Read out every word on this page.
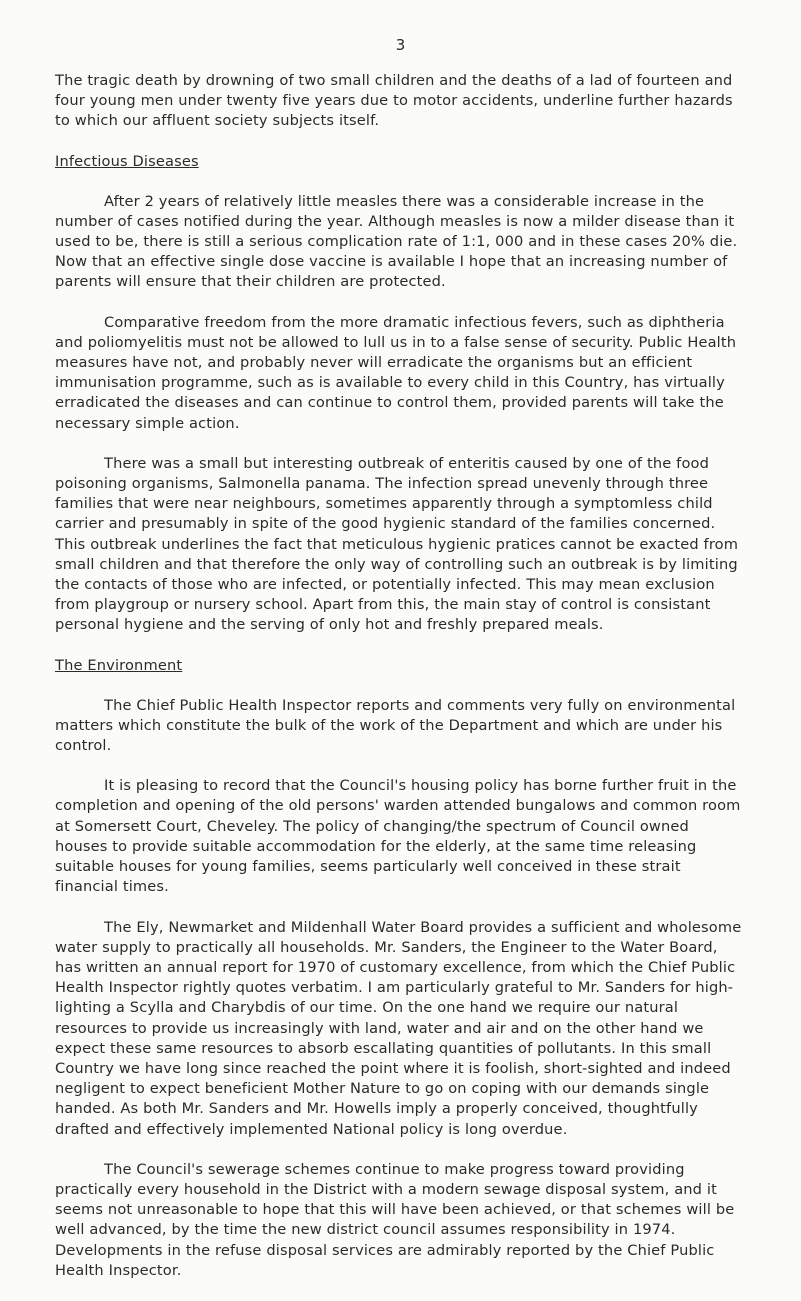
3

The tragic death by drowning of two small children and the deaths of a lad of fourteen and four young men under twenty five years due to motor accidents, underline further hazards to which our affluent society subjects itself.

Infectious Diseases

After 2 years of relatively little measles there was a considerable increase in the number of cases notified during the year. Although measles is now a milder disease than it used to be, there is still a serious complication rate of 1:1, 000 and in these cases 20% die. Now that an effective single dose vaccine is available I hope that an increasing number of parents will ensure that their children are protected.

Comparative freedom from the more dramatic infectious fevers, such as diphtheria and poliomyelitis must not be allowed to lull us in to a false sense of security. Public Health measures have not, and probably never will erradicate the organisms but an efficient immunisation programme, such as is available to every child in this Country, has virtually erradicated the diseases and can continue to control them, provided parents will take the necessary simple action.

There was a small but interesting outbreak of enteritis caused by one of the food poisoning organisms, Salmonella panama. The infection spread unevenly through three families that were near neighbours, sometimes apparently through a symptomless child carrier and presumably in spite of the good hygienic standard of the families concerned. This outbreak underlines the fact that meticulous hygienic pratices cannot be exacted from small children and that therefore the only way of controlling such an outbreak is by limiting the contacts of those who are infected, or potentially infected. This may mean exclusion from playgroup or nursery school. Apart from this, the main stay of control is consistant personal hygiene and the serving of only hot and freshly prepared meals.

The Environment

The Chief Public Health Inspector reports and comments very fully on environmental matters which constitute the bulk of the work of the Department and which are under his control.

It is pleasing to record that the Council's housing policy has borne further fruit in the completion and opening of the old persons' warden attended bungalows and common room at Somersett Court, Cheveley. The policy of changing/the spectrum of Council owned houses to provide suitable accommodation for the elderly, at the same time releasing suitable houses for young families, seems particularly well conceived in these strait financial times.

The Ely, Newmarket and Mildenhall Water Board provides a sufficient and wholesome water supply to practically all households. Mr. Sanders, the Engineer to the Water Board, has written an annual report for 1970 of customary excellence, from which the Chief Public Health Inspector rightly quotes verbatim. I am particularly grateful to Mr. Sanders for high-lighting a Scylla and Charybdis of our time. On the one hand we require our natural resources to provide us increasingly with land, water and air and on the other hand we expect these same resources to absorb escallating quantities of pollutants. In this small Country we have long since reached the point where it is foolish, short-sighted and indeed negligent to expect beneficient Mother Nature to go on coping with our demands single handed. As both Mr. Sanders and Mr. Howells imply a properly conceived, thoughtfully drafted and effectively implemented National policy is long overdue.

The Council's sewerage schemes continue to make progress toward providing practically every household in the District with a modern sewage disposal system, and it seems not unreasonable to hope that this will have been achieved, or that schemes will be well advanced, by the time the new district council assumes responsibility in 1974. Developments in the refuse disposal services are admirably reported by the Chief Public Health Inspector.
